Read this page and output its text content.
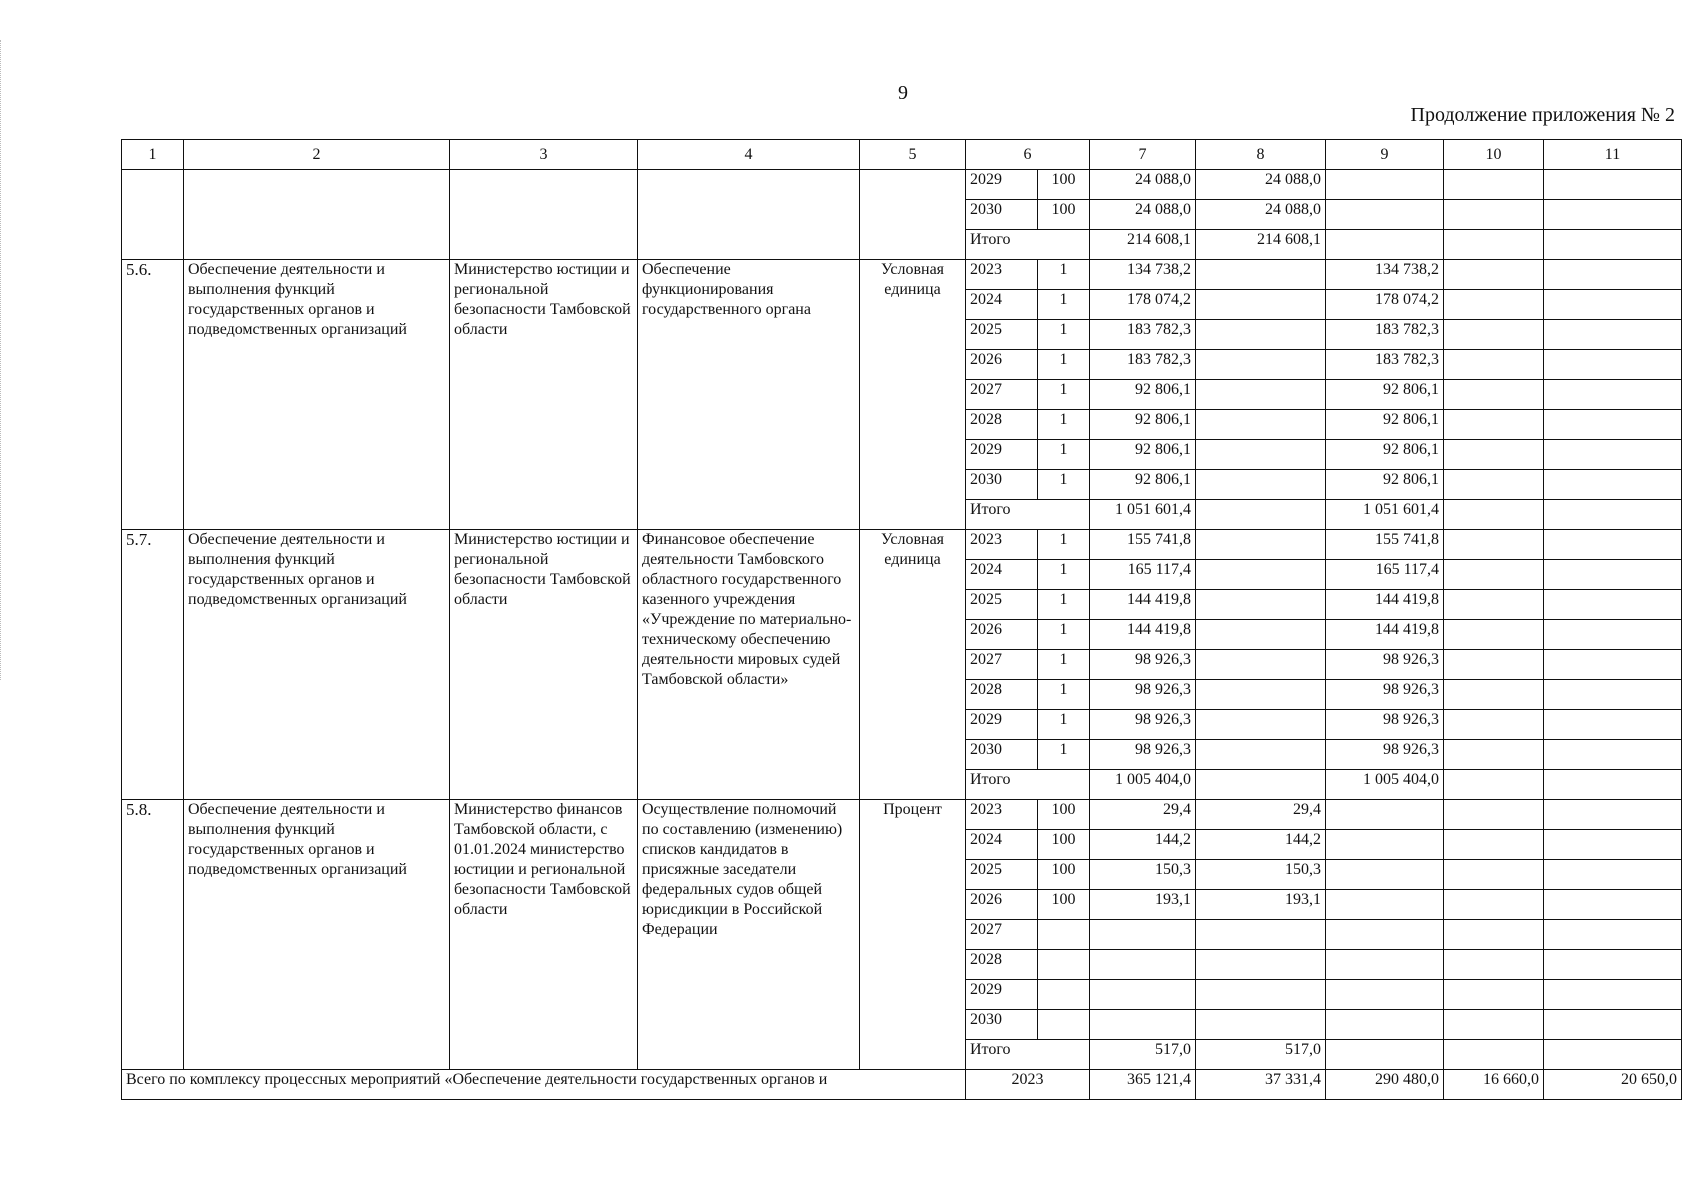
9
Продолжение приложения № 2
1	2	3	4	5	6		7	8	9	10	11
					2029	100	24 088,0	24 088,0			
					2030	100	24 088,0	24 088,0			
					Итого		214 608,1	214 608,1			
5.6.	Обеспечение деятельности и выполнения функций государственных органов и подведомственных организаций	Министерство юстиции и региональной безопасности Тамбовской области	Обеспечение функционирования государственного органа	Условная единица	2023	1	134 738,2		134 738,2		
					2024	1	178 074,2		178 074,2		
					2025	1	183 782,3		183 782,3		
					2026	1	183 782,3		183 782,3		
					2027	1	92 806,1		92 806,1		
					2028	1	92 806,1		92 806,1		
					2029	1	92 806,1		92 806,1		
					2030	1	92 806,1		92 806,1		
					Итого		1 051 601,4		1 051 601,4		
5.7.	Обеспечение деятельности и выполнения функций государственных органов и подведомственных организаций	Министерство юстиции и региональной безопасности Тамбовской области	Финансовое обеспечение деятельности Тамбовского областного государственного казенного учреждения «Учреждение по материально-техническому обеспечению деятельности мировых судей Тамбовской области»	Условная единица	2023	1	155 741,8		155 741,8		
					2024	1	165 117,4		165 117,4		
					2025	1	144 419,8		144 419,8		
					2026	1	144 419,8		144 419,8		
					2027	1	98 926,3		98 926,3		
					2028	1	98 926,3		98 926,3		
					2029	1	98 926,3		98 926,3		
					2030	1	98 926,3		98 926,3		
					Итого		1 005 404,0		1 005 404,0		
5.8.	Обеспечение деятельности и выполнения функций государственных органов и подведомственных организаций	Министерство финансов Тамбовской области, с 01.01.2024 министерство юстиции и региональной безопасности Тамбовской области	Осуществление полномочий по составлению (изменению) списков кандидатов в присяжные заседатели федеральных судов общей юрисдикции в Российской Федерации	Процент	2023	100	29,4	29,4			
					2024	100	144,2	144,2			
					2025	100	150,3	150,3			
					2026	100	193,1	193,1			
					2027						
					2028						
					2029						
					2030						
					Итого		517,0	517,0			
Всего по комплексу процессных мероприятий «Обеспечение деятельности государственных органов и					2023		365 121,4	37 331,4	290 480,0	16 660,0	20 650,0
